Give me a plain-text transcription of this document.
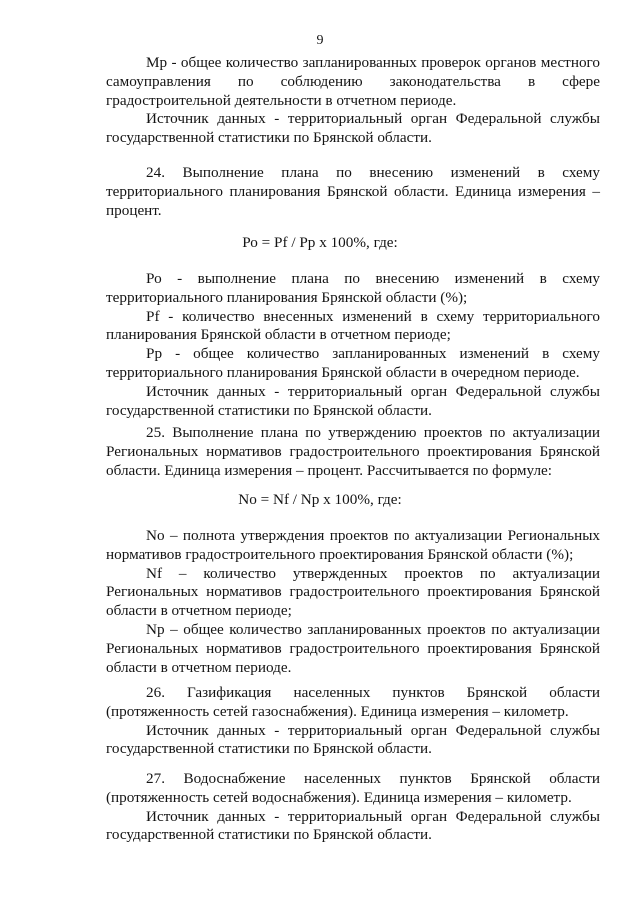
9

Мр - общее количество запланированных проверок органов местного самоуправления по соблюдению законодательства в сфере градостроительной деятельности в отчетном периоде.

Источник данных - территориальный орган Федеральной службы государственной статистики по Брянской области.

24. Выполнение плана по внесению изменений в схему территориального планирования Брянской области. Единица измерения – процент.

Ро = Pf / Рр х 100%, где:

Ро - выполнение плана по внесению изменений в схему территориального планирования Брянской области (%);

Pf - количество внесенных изменений в схему территориального планирования Брянской области в отчетном периоде;

Рр - общее количество запланированных изменений в схему территориального планирования Брянской области в очередном периоде.

Источник данных - территориальный орган Федеральной службы государственной статистики по Брянской области.

25. Выполнение плана по утверждению проектов по актуализации Региональных нормативов градостроительного проектирования Брянской области. Единица измерения – процент. Рассчитывается по формуле:

No = Nf / Np x 100%, где:

No – полнота утверждения проектов по актуализации Региональных нормативов градостроительного проектирования Брянской области (%);

Nf – количество утвержденных проектов по актуализации Региональных нормативов градостроительного проектирования Брянской области в отчетном периоде;

Np – общее количество запланированных проектов по актуализации Региональных нормативов градостроительного проектирования Брянской области в отчетном периоде.

26. Газификация населенных пунктов Брянской области (протяженность сетей газоснабжения). Единица измерения – километр.

Источник данных - территориальный орган Федеральной службы государственной статистики по Брянской области.

27. Водоснабжение населенных пунктов Брянской области (протяженность сетей водоснабжения). Единица измерения – километр.

Источник данных - территориальный орган Федеральной службы государственной статистики по Брянской области.
